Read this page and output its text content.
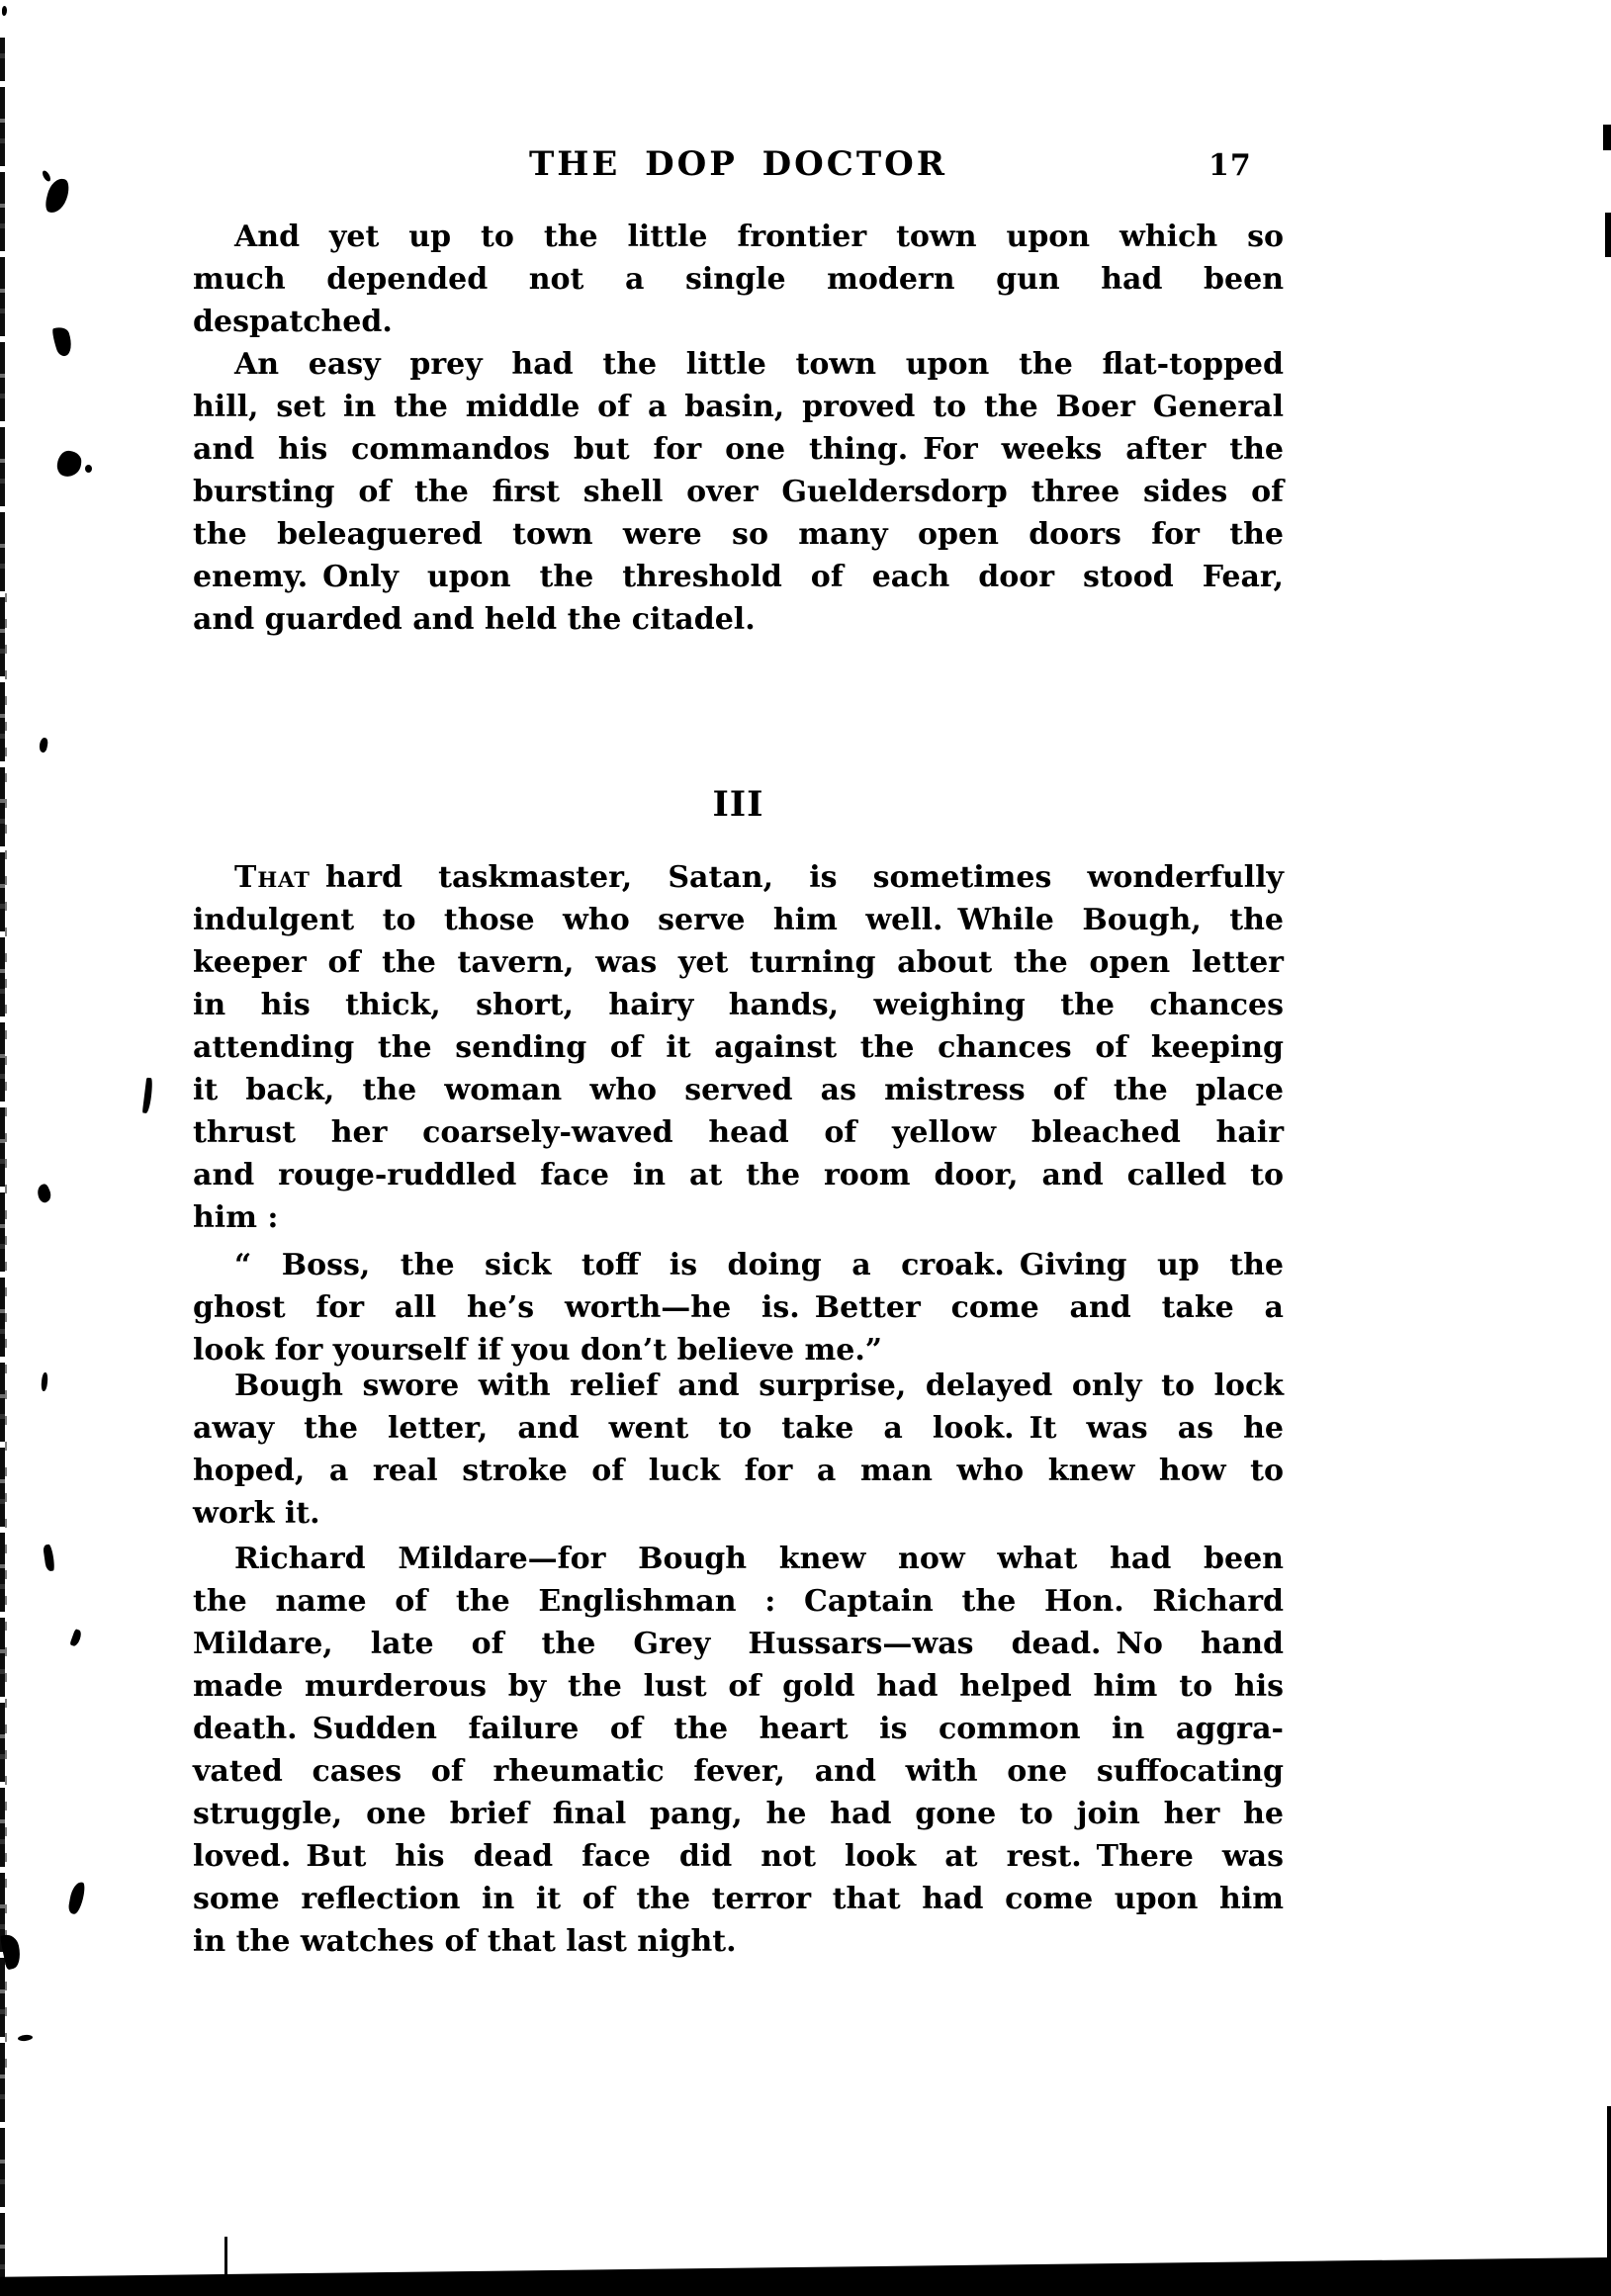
THE DOP DOCTOR	17
And yet up to the little frontier town upon which so
much depended not a single modern gun had been
despatched.
An easy prey had the little town upon the flat-topped
hill, set in the middle of a basin, proved to the Boer General
and his commandos but for one thing. For weeks after the
bursting of the first shell over Gueldersdorp three sides of
the beleaguered town were so many open doors for the
enemy. Only upon the threshold of each door stood Fear,
and guarded and held the citadel.
III
That hard taskmaster, Satan, is sometimes wonderfully
indulgent to those who serve him well. While Bough, the
keeper of the tavern, was yet turning about the open letter
in his thick, short, hairy hands, weighing the chances
attending the sending of it against the chances of keeping
it back, the woman who served as mistress of the place
thrust her coarsely-waved head of yellow bleached hair
and rouge-ruddled face in at the room door, and called to
him :
“ Boss, the sick toff is doing a croak. Giving up the
ghost for all he’s worth—he is. Better come and take a
look for yourself if you don’t believe me.”
Bough swore with relief and surprise, delayed only to lock
away the letter, and went to take a look. It was as he
hoped, a real stroke of luck for a man who knew how to
work it.
Richard Mildare—for Bough knew now what had been
the name of the Englishman : Captain the Hon. Richard
Mildare, late of the Grey Hussars—was dead. No hand
made murderous by the lust of gold had helped him to his
death. Sudden failure of the heart is common in aggra-
vated cases of rheumatic fever, and with one suffocating
struggle, one brief final pang, he had gone to join her he
loved. But his dead face did not look at rest. There was
some reflection in it of the terror that had come upon him
in the watches of that last night.
